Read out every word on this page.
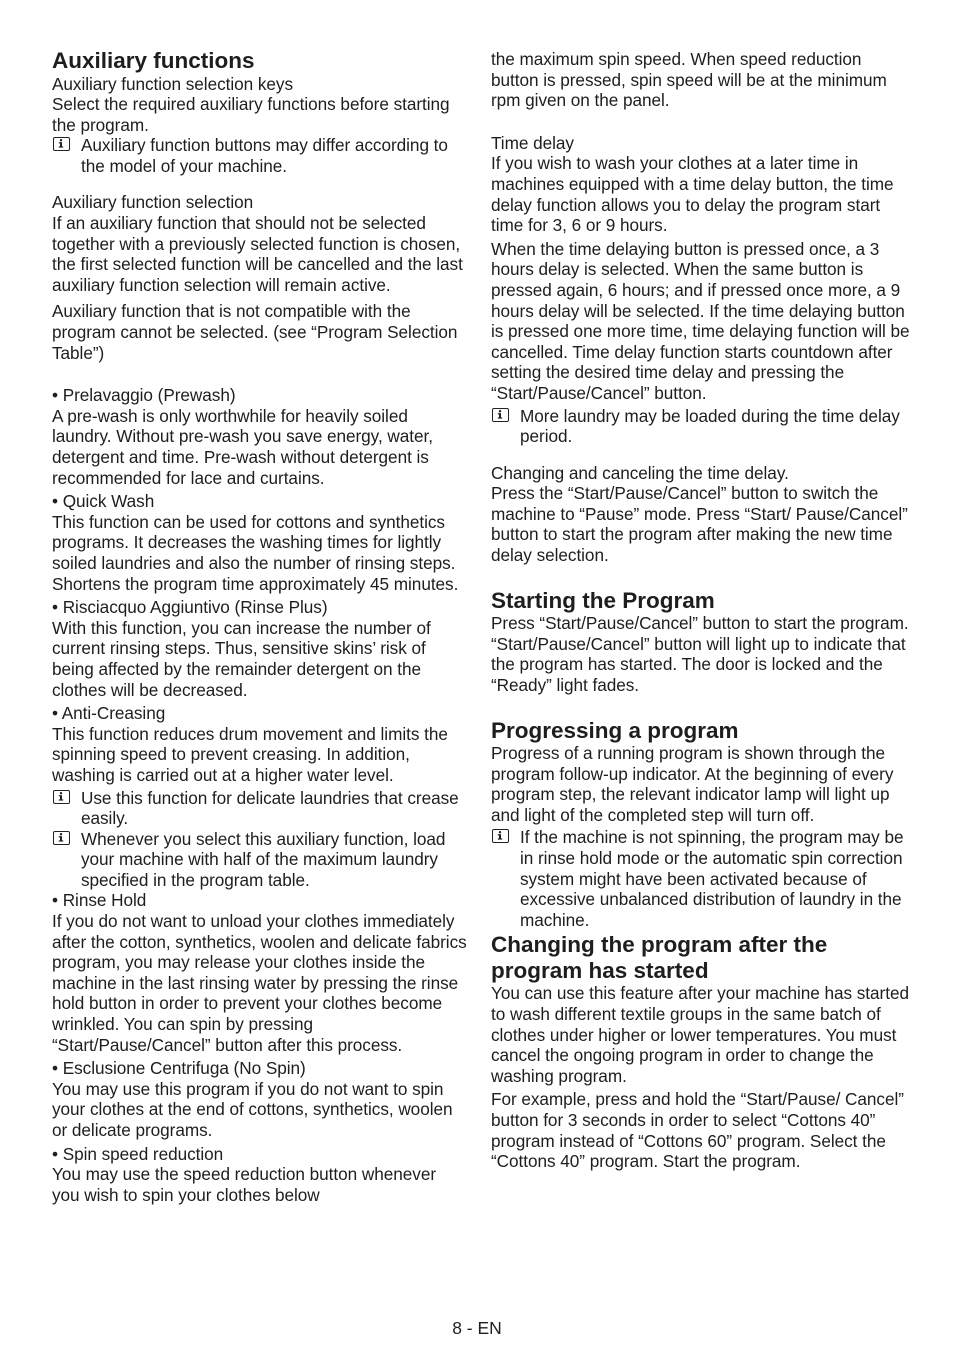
Auxiliary functions
Auxiliary function selection keys

Select the required auxiliary functions before starting the program.

Auxiliary function buttons may differ according to the model of your machine.
Auxiliary function selection

If an auxiliary function that should not be selected together with a previously selected function is chosen, the first selected function will be cancelled and the last auxiliary function selection will remain active.

Auxiliary function that is not compatible with the program cannot be selected. (see “Program Selection Table”)

• Prelavaggio (Prewash)

A pre-wash is only worthwhile for heavily soiled laundry. Without pre-wash you save energy, water, detergent and time. Pre-wash without detergent is recommended for lace and curtains.

• Quick Wash

This function can be used for cottons and synthetics programs. It decreases the washing times for lightly soiled laundries and also the number of rinsing steps. Shortens the program time approximately 45 minutes.

• Risciacquo Aggiuntivo (Rinse Plus)

With this function, you can increase the number of current rinsing steps. Thus, sensitive skins’ risk of being affected by the remainder detergent on the clothes will be decreased.

• Anti-Creasing

This function reduces drum movement and limits the spinning speed to prevent creasing. In addition, washing is carried out at a higher water level.

Use this function for delicate laundries that crease easily.
Whenever you select this auxiliary function, load your machine with half of the maximum laundry specified in the program table.
• Rinse Hold

If you do not want to unload your clothes immediately after the cotton, synthetics, woolen and delicate fabrics program, you may release your clothes inside the machine in the last rinsing water by pressing the rinse hold button in order to prevent your clothes become wrinkled. You can spin by pressing “Start/Pause/Cancel” button after this process.

• Esclusione Centrifuga (No Spin)

You may use this program if you do not want to spin your clothes at the end of cottons, synthetics, woolen or delicate programs.

• Spin speed reduction

You may use the speed reduction button whenever you wish to spin your clothes below

the maximum spin speed. When speed reduction button is pressed, spin speed will be at the minimum rpm given on the panel.

Time delay

If you wish to wash your clothes at a later time in machines equipped with a time delay button, the time delay function allows you to delay the program start time for 3, 6 or 9 hours.

When the time delaying button is pressed once, a 3 hours delay is selected. When the same button is pressed again, 6 hours; and if pressed once more, a 9 hours delay will be selected. If the time delaying button is pressed one more time, time delaying function will be cancelled. Time delay function starts countdown after setting the desired time delay and pressing the “Start/Pause/Cancel” button.

More laundry may be loaded during the time delay period.
Changing and canceling the time delay.

Press the “Start/Pause/Cancel” button to switch the machine to “Pause” mode. Press “Start/ Pause/Cancel” button to start the program after making the new time delay selection.

Starting the Program

Press “Start/Pause/Cancel” button to start the program. “Start/Pause/Cancel” button will light up to indicate that the program has started. The door is locked and the “Ready” light fades.

Progressing a program

Progress of a running program is shown through the program follow-up indicator. At the beginning of every program step, the relevant indicator lamp will light up and light of the completed step will turn off.

If the machine is not spinning, the program may be in rinse hold mode or the automatic spin correction system might have been activated because of excessive unbalanced distribution of laundry in the machine.
Changing the program after the program has started

You can use this feature after your machine has started to wash different textile groups in the same batch of clothes under higher or lower temperatures. You must cancel the ongoing program in order to change the washing program.

For example, press and hold the “Start/Pause/ Cancel” button for 3 seconds in order to select “Cottons 40” program instead of “Cottons 60” program. Select the “Cottons 40” program. Start the program.

8 - EN
